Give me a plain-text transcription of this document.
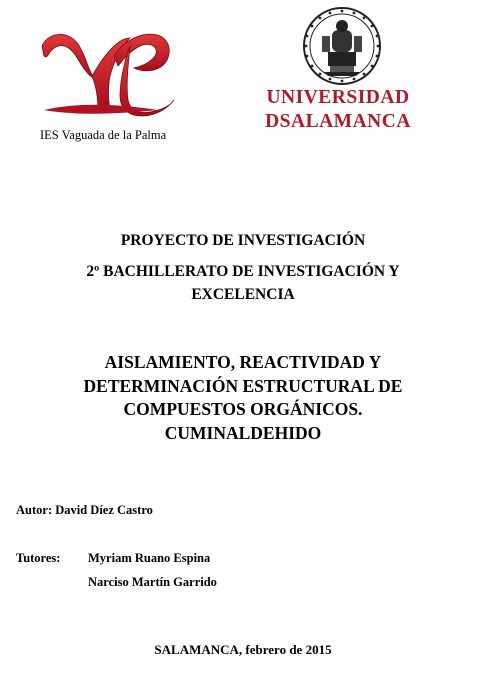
IES Vaguada de la Palma
UNIVERSIDAD
DSALAMANCA
PROYECTO DE INVESTIGACIÓN
2º BACHILLERATO DE INVESTIGACIÓN Y
EXCELENCIA
AISLAMIENTO, REACTIVIDAD Y
DETERMINACIÓN ESTRUCTURAL DE
COMPUESTOS ORGÁNICOS.
CUMINALDEHIDO
Autor: David Díez Castro
Tutores: Myriam Ruano Espina
Narciso Martín Garrido
SALAMANCA, febrero de 2015
